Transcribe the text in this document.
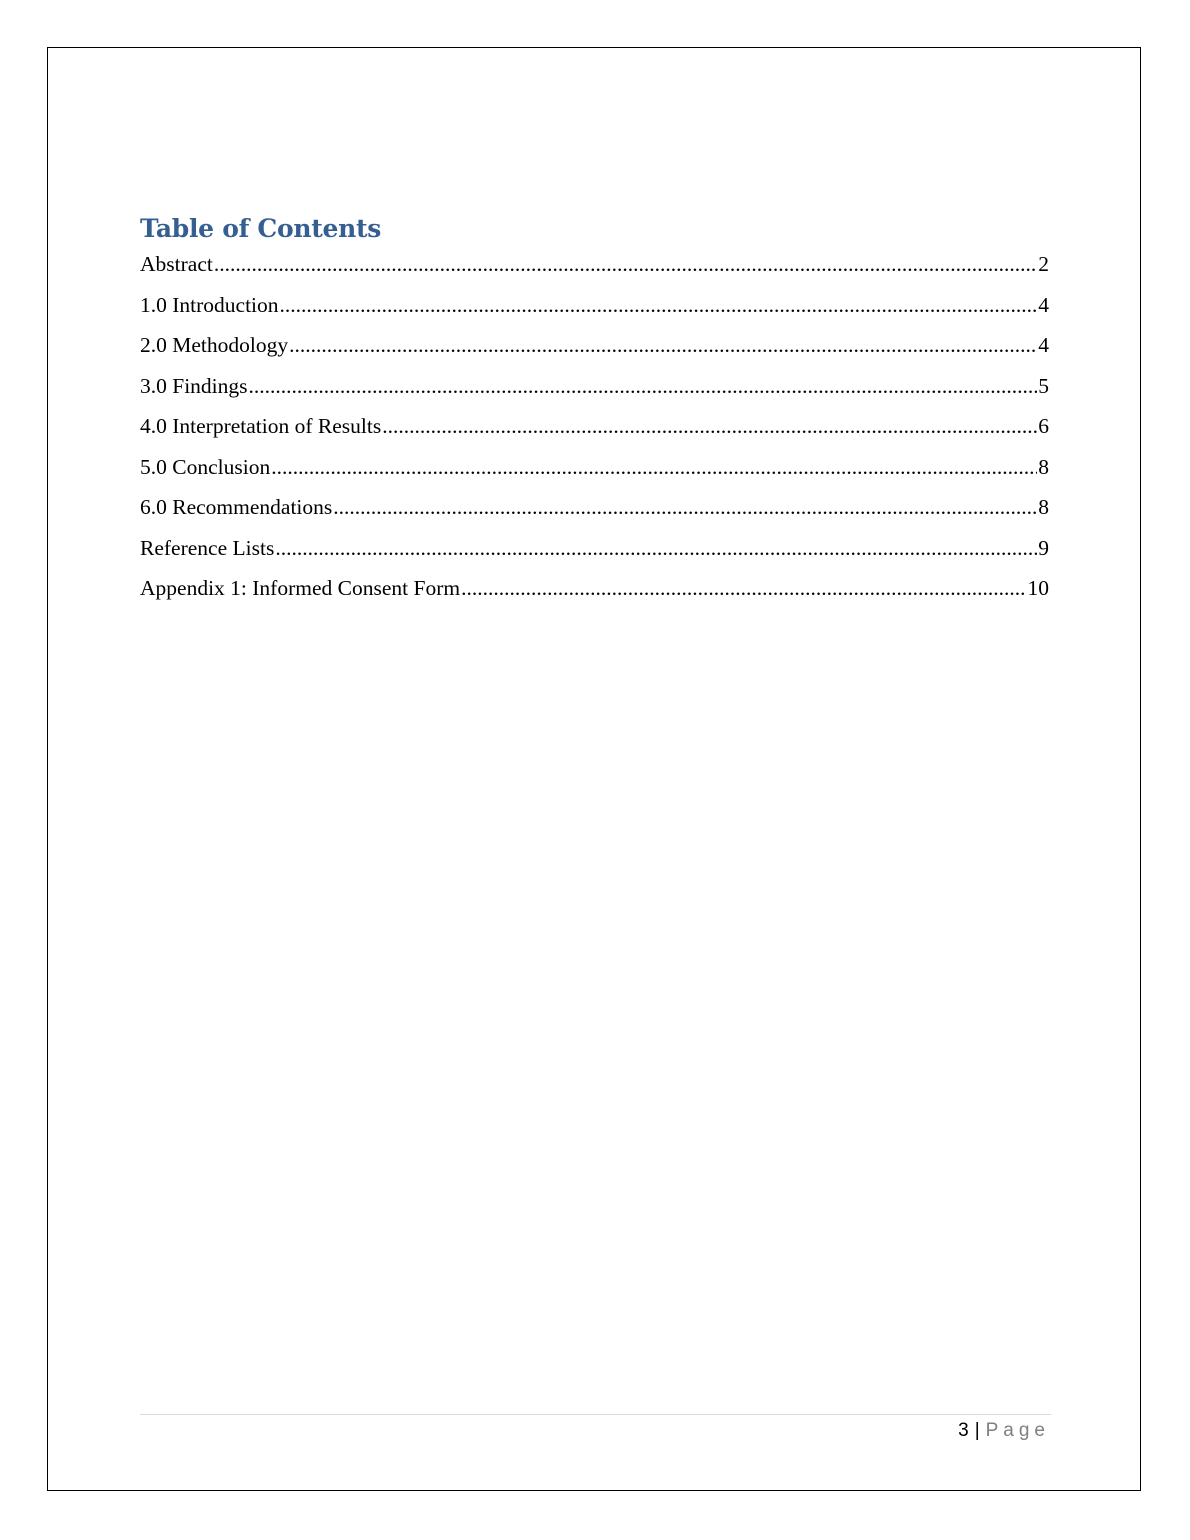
Table of Contents
Abstract .....	2
1.0 Introduction .....	4
2.0 Methodology .....	4
3.0 Findings .....	5
4.0 Interpretation of Results .....	6
5.0 Conclusion .....	8
6.0 Recommendations .....	8
Reference Lists .....	9
Appendix 1: Informed Consent Form .....	10
3 | Page
